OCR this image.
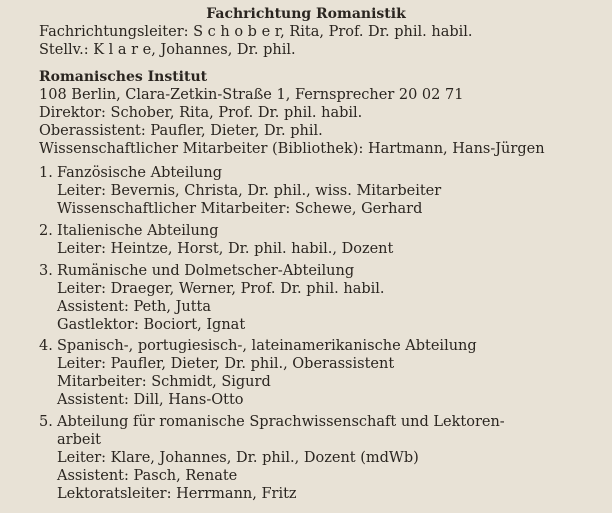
Fachrichtung Romanistik
Fachrichtungsleiter: S c h o b e r, Rita, Prof. Dr. phil. habil.
Stellv.: K l a r e, Johannes, Dr. phil.
Romanisches Institut
108 Berlin, Clara-Zetkin-Straße 1, Fernsprecher 20 02 71
Direktor: Schober, Rita, Prof. Dr. phil. habil.
Oberassistent: Paufler, Dieter, Dr. phil.
Wissenschaftlicher Mitarbeiter (Bibliothek): Hartmann, Hans-Jürgen
1. Fanzösische Abteilung
Leiter: Bevernis, Christa, Dr. phil., wiss. Mitarbeiter
Wissenschaftlicher Mitarbeiter: Schewe, Gerhard
2. Italienische Abteilung
Leiter: Heintze, Horst, Dr. phil. habil., Dozent
3. Rumänische und Dolmetscher-Abteilung
Leiter: Draeger, Werner, Prof. Dr. phil. habil.
Assistent: Peth, Jutta
Gastlektor: Bociort, Ignat
4. Spanisch-, portugiesisch-, lateinamerikanische Abteilung
Leiter: Paufler, Dieter, Dr. phil., Oberassistent
Mitarbeiter: Schmidt, Sigurd
Assistent: Dill, Hans-Otto
5. Abteilung für romanische Sprachwissenschaft und Lektoren-
arbeit
Leiter: Klare, Johannes, Dr. phil., Dozent (mdWb)
Assistent: Pasch, Renate
Lektoratsleiter: Herrmann, Fritz
